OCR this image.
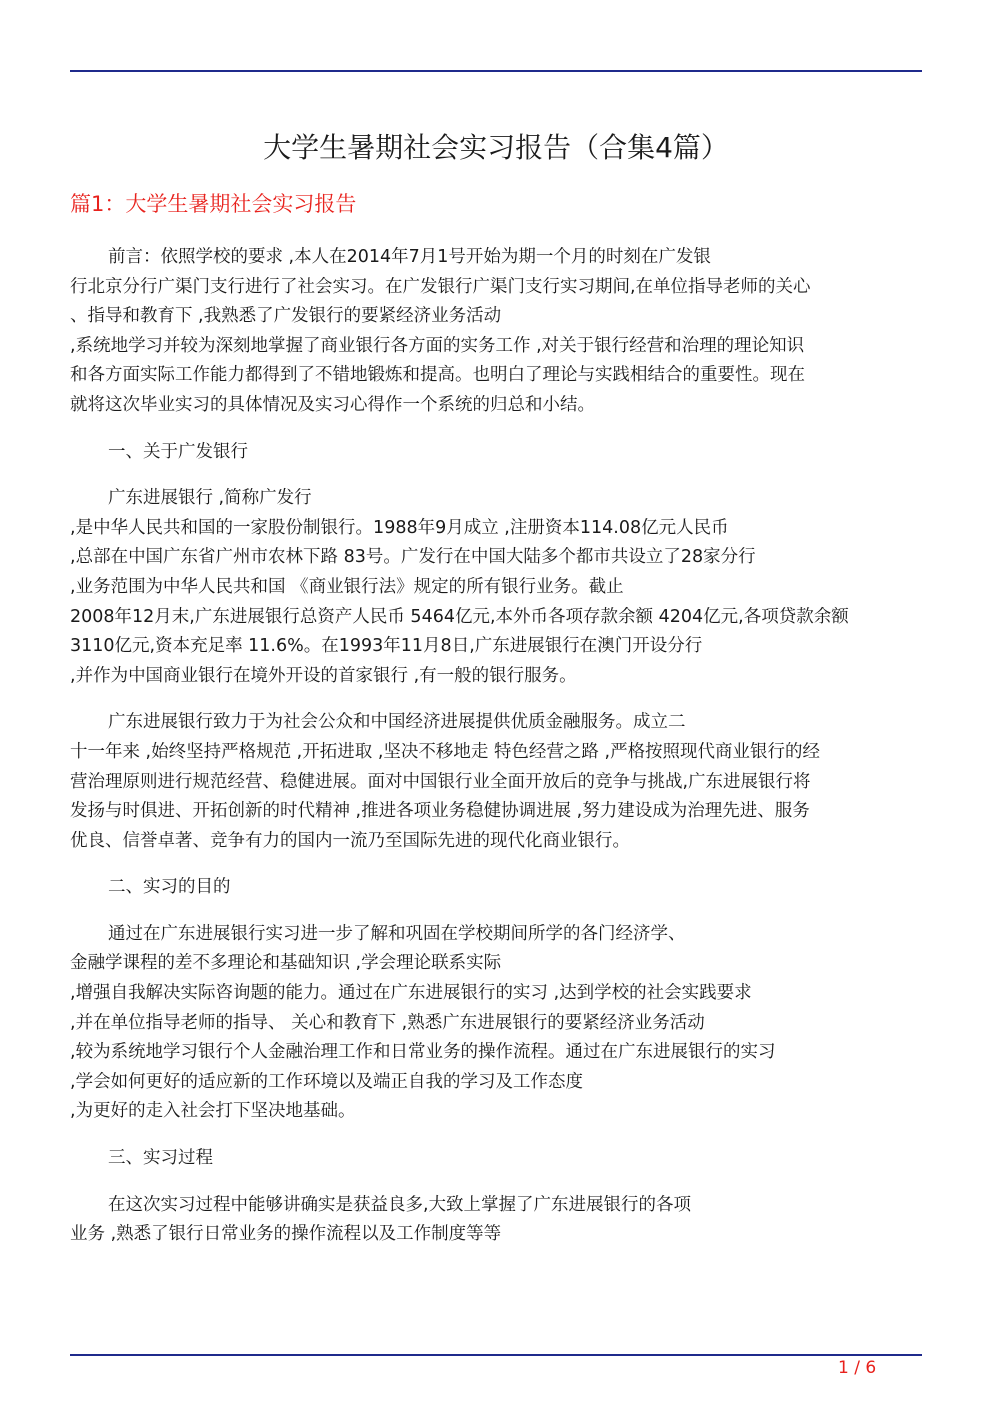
大学生暑期社会实习报告（合集4篇）
篇1：大学生暑期社会实习报告
前言：依照学校的要求 ,本人在2014年7月1号开始为期一个月的时刻在广发银
行北京分行广渠门支行进行了社会实习。在广发银行广渠门支行实习期间,在单位指导老师的关心
、指导和教育下 ,我熟悉了广发银行的要紧经济业务活动
,系统地学习并较为深刻地掌握了商业银行各方面的实务工作 ,对关于银行经营和治理的理论知识
和各方面实际工作能力都得到了不错地锻炼和提高。也明白了理论与实践相结合的重要性。现在
就将这次毕业实习的具体情况及实习心得作一个系统的归总和小结。
一、关于广发银行
广东进展银行 ,简称广发行
,是中华人民共和国的一家股份制银行。1988年9月成立 ,注册资本114.08亿元人民币
,总部在中国广东省广州市农林下路 83号。广发行在中国大陆多个都市共设立了28家分行
,业务范围为中华人民共和国 《商业银行法》规定的所有银行业务。截止
2008年12月末,广东进展银行总资产人民币 5464亿元,本外币各项存款余额 4204亿元,各项贷款余额
3110亿元,资本充足率 11.6%。在1993年11月8日,广东进展银行在澳门开设分行
,并作为中国商业银行在境外开设的首家银行 ,有一般的银行服务。
广东进展银行致力于为社会公众和中国经济进展提供优质金融服务。成立二
十一年来 ,始终坚持严格规范 ,开拓进取 ,坚决不移地走 特色经营之路 ,严格按照现代商业银行的经
营治理原则进行规范经营、稳健进展。面对中国银行业全面开放后的竞争与挑战,广东进展银行将
发扬与时俱进、开拓创新的时代精神 ,推进各项业务稳健协调进展 ,努力建设成为治理先进、服务
优良、信誉卓著、竞争有力的国内一流乃至国际先进的现代化商业银行。
二、实习的目的
通过在广东进展银行实习进一步了解和巩固在学校期间所学的各门经济学、
金融学课程的差不多理论和基础知识 ,学会理论联系实际
,增强自我解决实际咨询题的能力。通过在广东进展银行的实习 ,达到学校的社会实践要求
,并在单位指导老师的指导、 关心和教育下 ,熟悉广东进展银行的要紧经济业务活动
,较为系统地学习银行个人金融治理工作和日常业务的操作流程。通过在广东进展银行的实习
,学会如何更好的适应新的工作环境以及端正自我的学习及工作态度
,为更好的走入社会打下坚决地基础。
三、实习过程
在这次实习过程中能够讲确实是获益良多,大致上掌握了广东进展银行的各项
业务 ,熟悉了银行日常业务的操作流程以及工作制度等等
1 / 6
